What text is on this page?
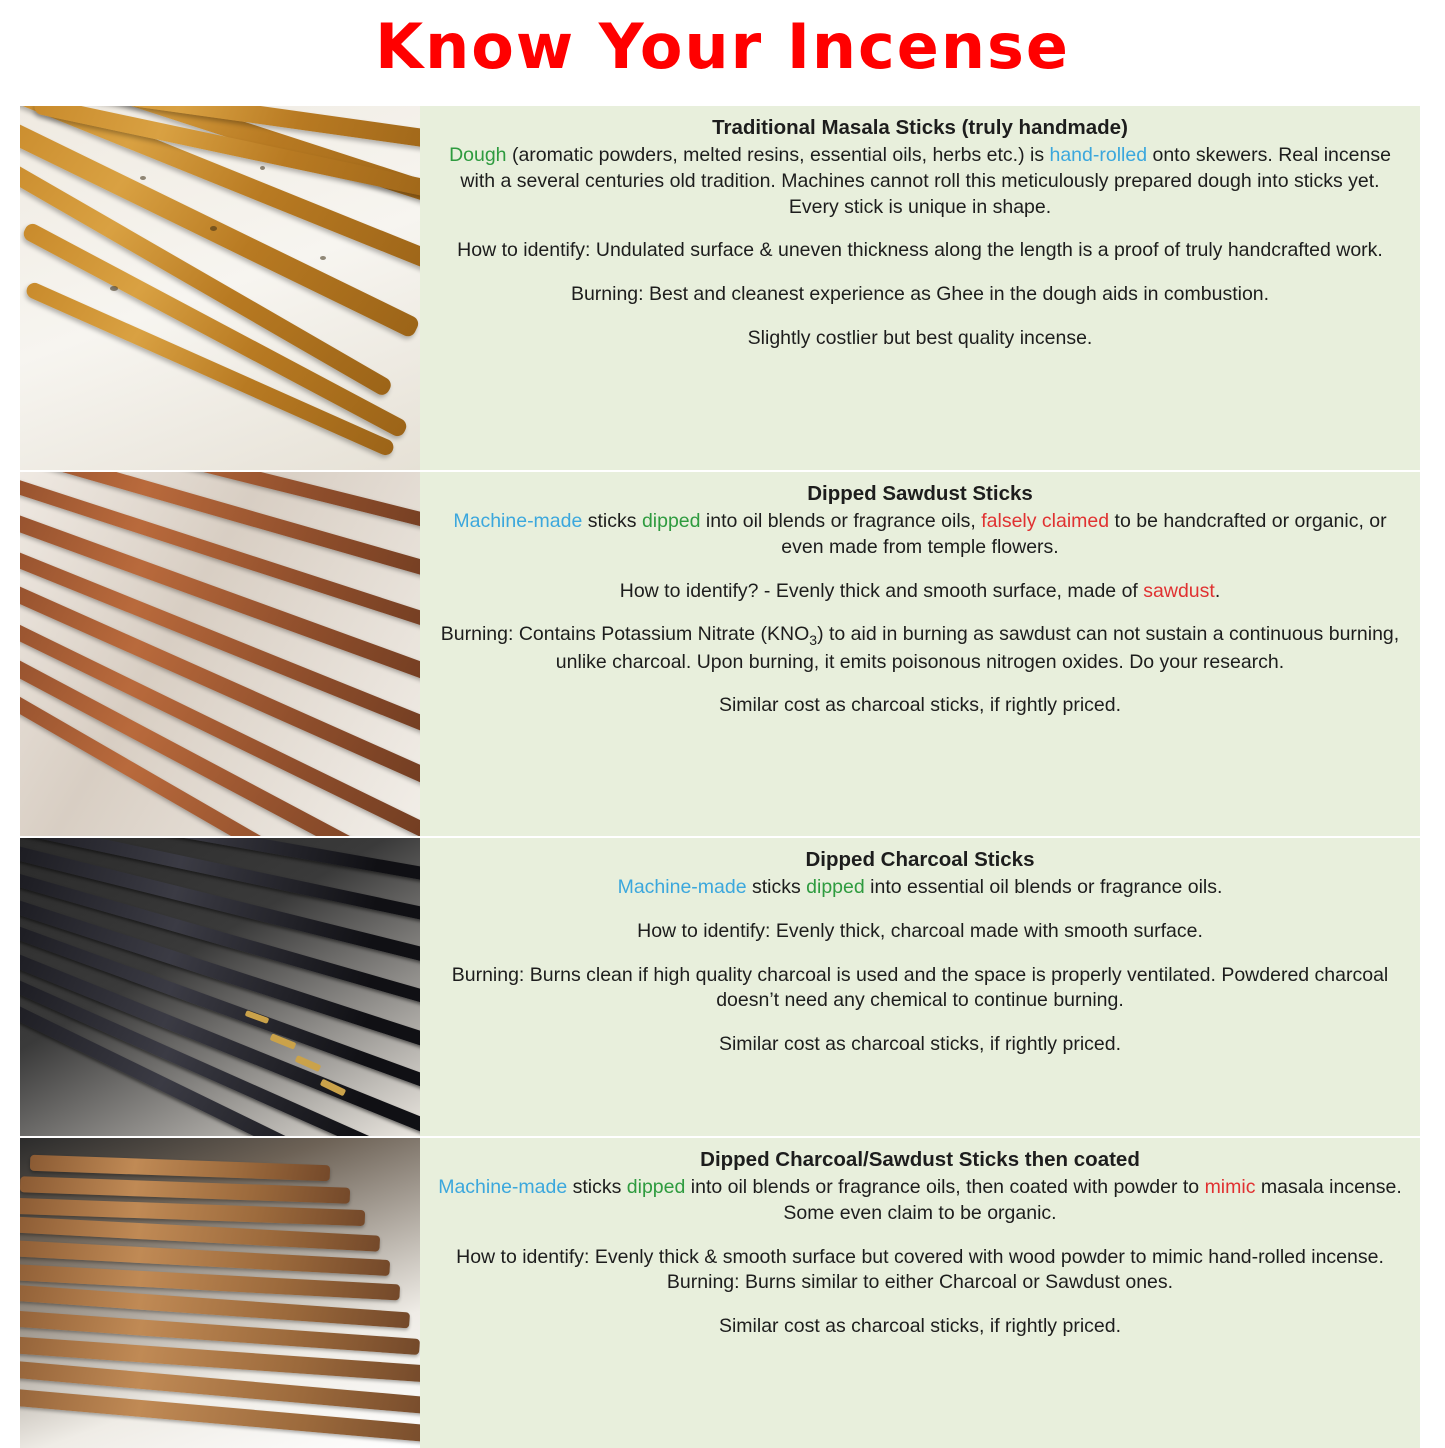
Know Your Incense
Traditional Masala Sticks (truly handmade)
Dough (aromatic powders, melted resins, essential oils, herbs etc.) is hand-rolled onto skewers. Real incense with a several centuries old tradition. Machines cannot roll this meticulously prepared dough into sticks yet. Every stick is unique in shape.
How to identify: Undulated surface & uneven thickness along the length is a proof of truly handcrafted work.
Burning: Best and cleanest experience as Ghee in the dough aids in combustion.
Slightly costlier but best quality incense.
Dipped Sawdust Sticks
Machine-made sticks dipped into oil blends or fragrance oils, falsely claimed to be handcrafted or organic, or even made from temple flowers.
How to identify? - Evenly thick and smooth surface, made of sawdust.
Burning: Contains Potassium Nitrate $(KNO_3)$ to aid in burning as sawdust can not sustain a continuous burning, unlike charcoal. Upon burning, it emits poisonous nitrogen oxides. Do your research.
Similar cost as charcoal sticks, if rightly priced.
Dipped Charcoal Sticks
Machine-made sticks dipped into essential oil blends or fragrance oils.
How to identify: Evenly thick, charcoal made with smooth surface.
Burning: Burns clean if high quality charcoal is used and the space is properly ventilated. Powdered charcoal doesn’t need any chemical to continue burning.
Similar cost as charcoal sticks, if rightly priced.
Dipped Charcoal/Sawdust Sticks then coated
Machine-made sticks dipped into oil blends or fragrance oils, then coated with powder to mimic masala incense. Some even claim to be organic.
How to identify: Evenly thick & smooth surface but covered with wood powder to mimic hand-rolled incense.
Burning: Burns similar to either Charcoal or Sawdust ones.
Similar cost as charcoal sticks, if rightly priced.
